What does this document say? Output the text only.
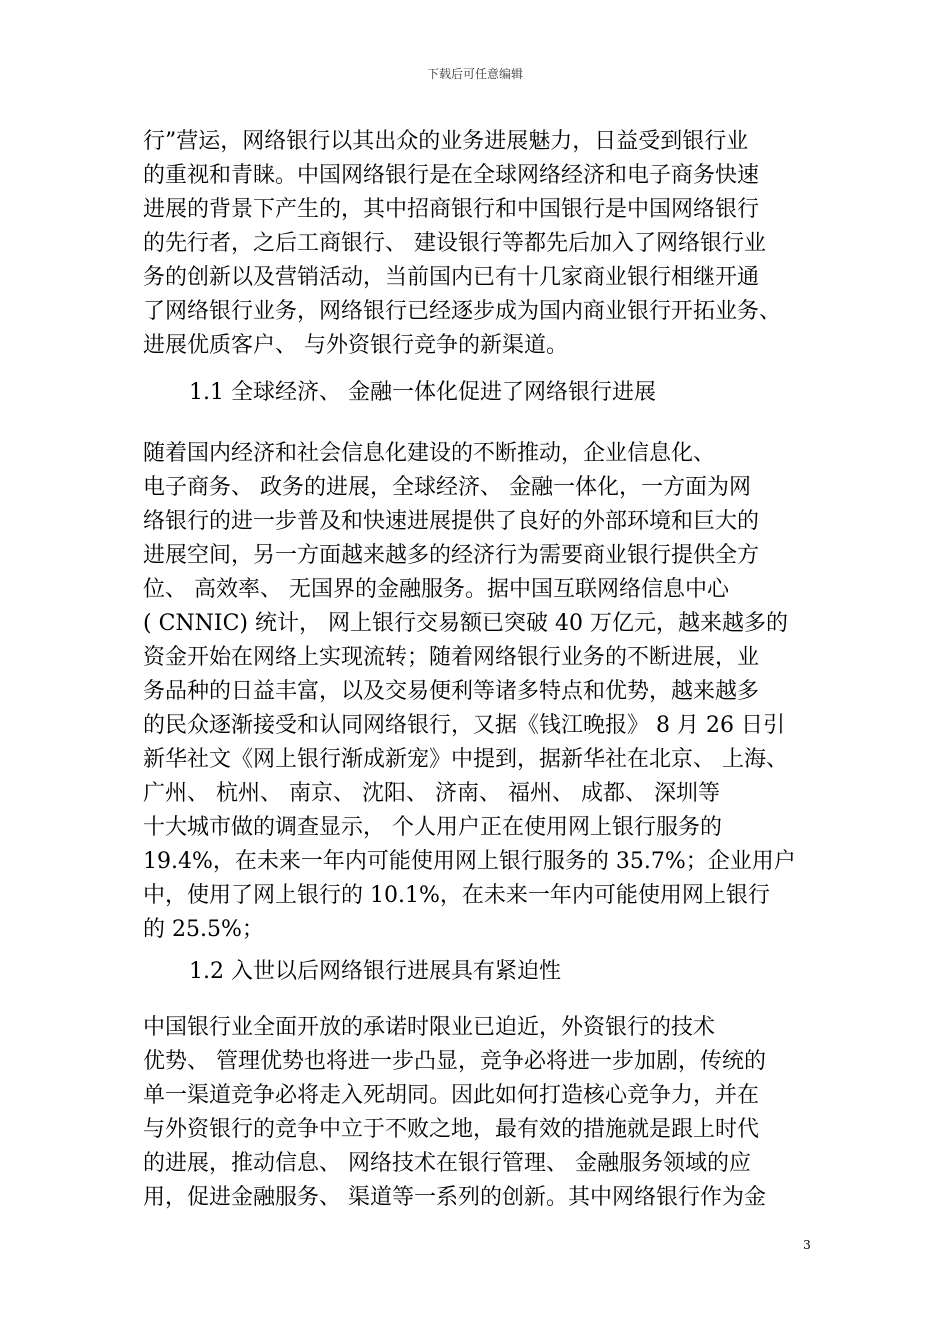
下载后可任意编辑
行”营运，网络银行以其出众的业务进展魅力，日益受到银行业
的重视和青睐。中国网络银行是在全球网络经济和电子商务快速
进展的背景下产生的，其中招商银行和中国银行是中国网络银行
的先行者，之后工商银行、 建设银行等都先后加入了网络银行业
务的创新以及营销活动，当前国内已有十几家商业银行相继开通
了网络银行业务，网络银行已经逐步成为国内商业银行开拓业务、
进展优质客户、 与外资银行竞争的新渠道。
1.1 全球经济、 金融一体化促进了网络银行进展
随着国内经济和社会信息化建设的不断推动，企业信息化、
电子商务、 政务的进展，全球经济、 金融一体化，一方面为网
络银行的进一步普及和快速进展提供了良好的外部环境和巨大的
进展空间，另一方面越来越多的经济行为需要商业银行提供全方
位、 高效率、 无国界的金融服务。据中国互联网络信息中心
( CNNIC) 统计， 网上银行交易额已突破 40 万亿元，越来越多的
资金开始在网络上实现流转；随着网络银行业务的不断进展，业
务品种的日益丰富，以及交易便利等诸多特点和优势，越来越多
的民众逐渐接受和认同网络银行，又据《钱江晚报》 8 月 26 日引
新华社文《网上银行渐成新宠》中提到，据新华社在北京、 上海、
广州、 杭州、 南京、 沈阳、 济南、 福州、 成都、 深圳等
十大城市做的调查显示， 个人用户正在使用网上银行服务的
19.4%，在未来一年内可能使用网上银行服务的 35.7%；企业用户
中，使用了网上银行的 10.1%，在未来一年内可能使用网上银行
的 25.5%；
1.2 入世以后网络银行进展具有紧迫性
中国银行业全面开放的承诺时限业已迫近，外资银行的技术
优势、 管理优势也将进一步凸显，竞争必将进一步加剧，传统的
单一渠道竞争必将走入死胡同。因此如何打造核心竞争力，并在
与外资银行的竞争中立于不败之地，最有效的措施就是跟上时代
的进展，推动信息、 网络技术在银行管理、 金融服务领域的应
用，促进金融服务、 渠道等一系列的创新。其中网络银行作为金
3
